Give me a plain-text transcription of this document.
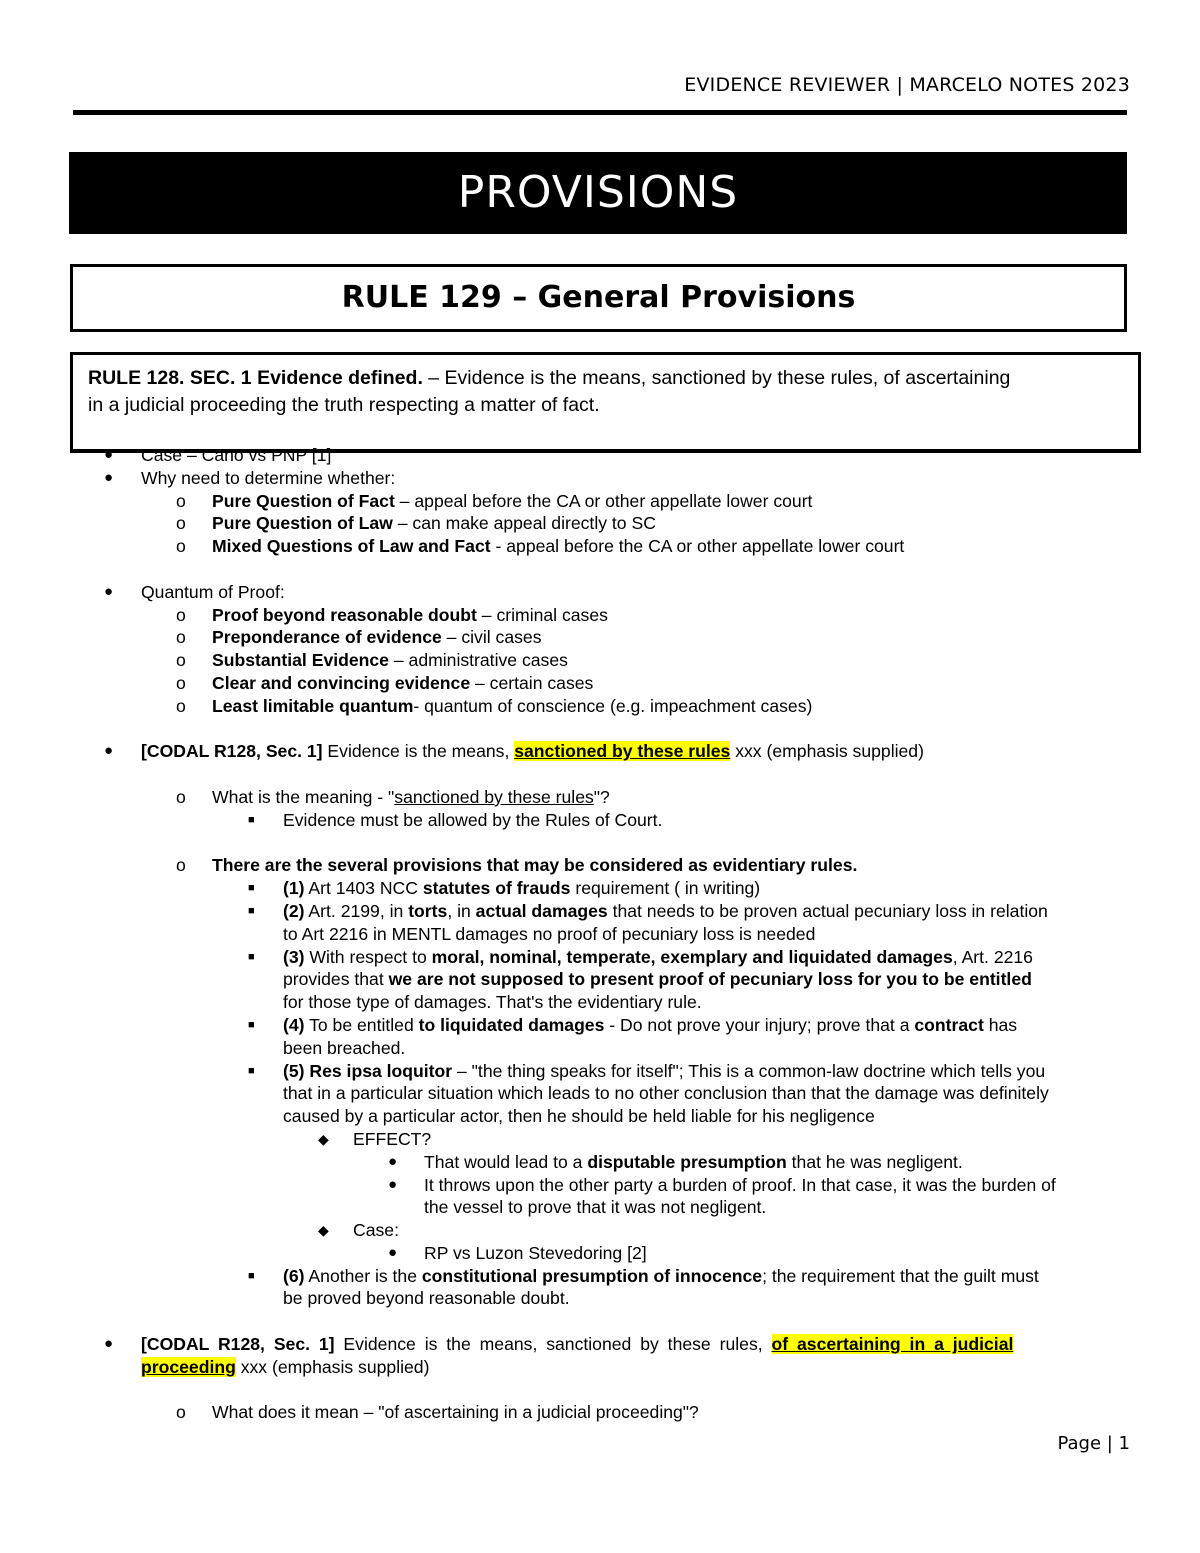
EVIDENCE REVIEWER | MARCELO NOTES 2023
PROVISIONS
RULE 129 – General Provisions
RULE 128. SEC. 1 Evidence defined. – Evidence is the means, sanctioned by these rules, of ascertaining
in a judicial proceeding the truth respecting a matter of fact.
● Case – Cano vs PNP [1]
● Why need to determine whether:
o Pure Question of Fact – appeal before the CA or other appellate lower court
o Pure Question of Law – can make appeal directly to SC
o Mixed Questions of Law and Fact - appeal before the CA or other appellate lower court
● Quantum of Proof:
o Proof beyond reasonable doubt – criminal cases
o Preponderance of evidence – civil cases
o Substantial Evidence – administrative cases
o Clear and convincing evidence – certain cases
o Least limitable quantum- quantum of conscience (e.g. impeachment cases)
● [CODAL R128, Sec. 1] Evidence is the means, sanctioned by these rules xxx (emphasis supplied)
o What is the meaning - "sanctioned by these rules"?
■ Evidence must be allowed by the Rules of Court.
o There are the several provisions that may be considered as evidentiary rules.
■ (1) Art 1403 NCC statutes of frauds requirement ( in writing)
■ (2) Art. 2199, in torts, in actual damages that needs to be proven actual pecuniary loss in relation
to Art 2216 in MENTL damages no proof of pecuniary loss is needed
■ (3) With respect to moral, nominal, temperate, exemplary and liquidated damages, Art. 2216
provides that we are not supposed to present proof of pecuniary loss for you to be entitled
for those type of damages. That's the evidentiary rule.
■ (4) To be entitled to liquidated damages - Do not prove your injury; prove that a contract has
been breached.
■ (5) Res ipsa loquitor – "the thing speaks for itself"; This is a common-law doctrine which tells you
that in a particular situation which leads to no other conclusion than that the damage was definitely
caused by a particular actor, then he should be held liable for his negligence
◆ EFFECT?
● That would lead to a disputable presumption that he was negligent.
● It throws upon the other party a burden of proof. In that case, it was the burden of
the vessel to prove that it was not negligent.
◆ Case:
● RP vs Luzon Stevedoring [2]
■ (6) Another is the constitutional presumption of innocence; the requirement that the guilt must
be proved beyond reasonable doubt.
● [CODAL R128, Sec. 1] Evidence is the means, sanctioned by these rules, of ascertaining in a judicial
proceeding xxx (emphasis supplied)
o What does it mean – "of ascertaining in a judicial proceeding"?
Page | 1
